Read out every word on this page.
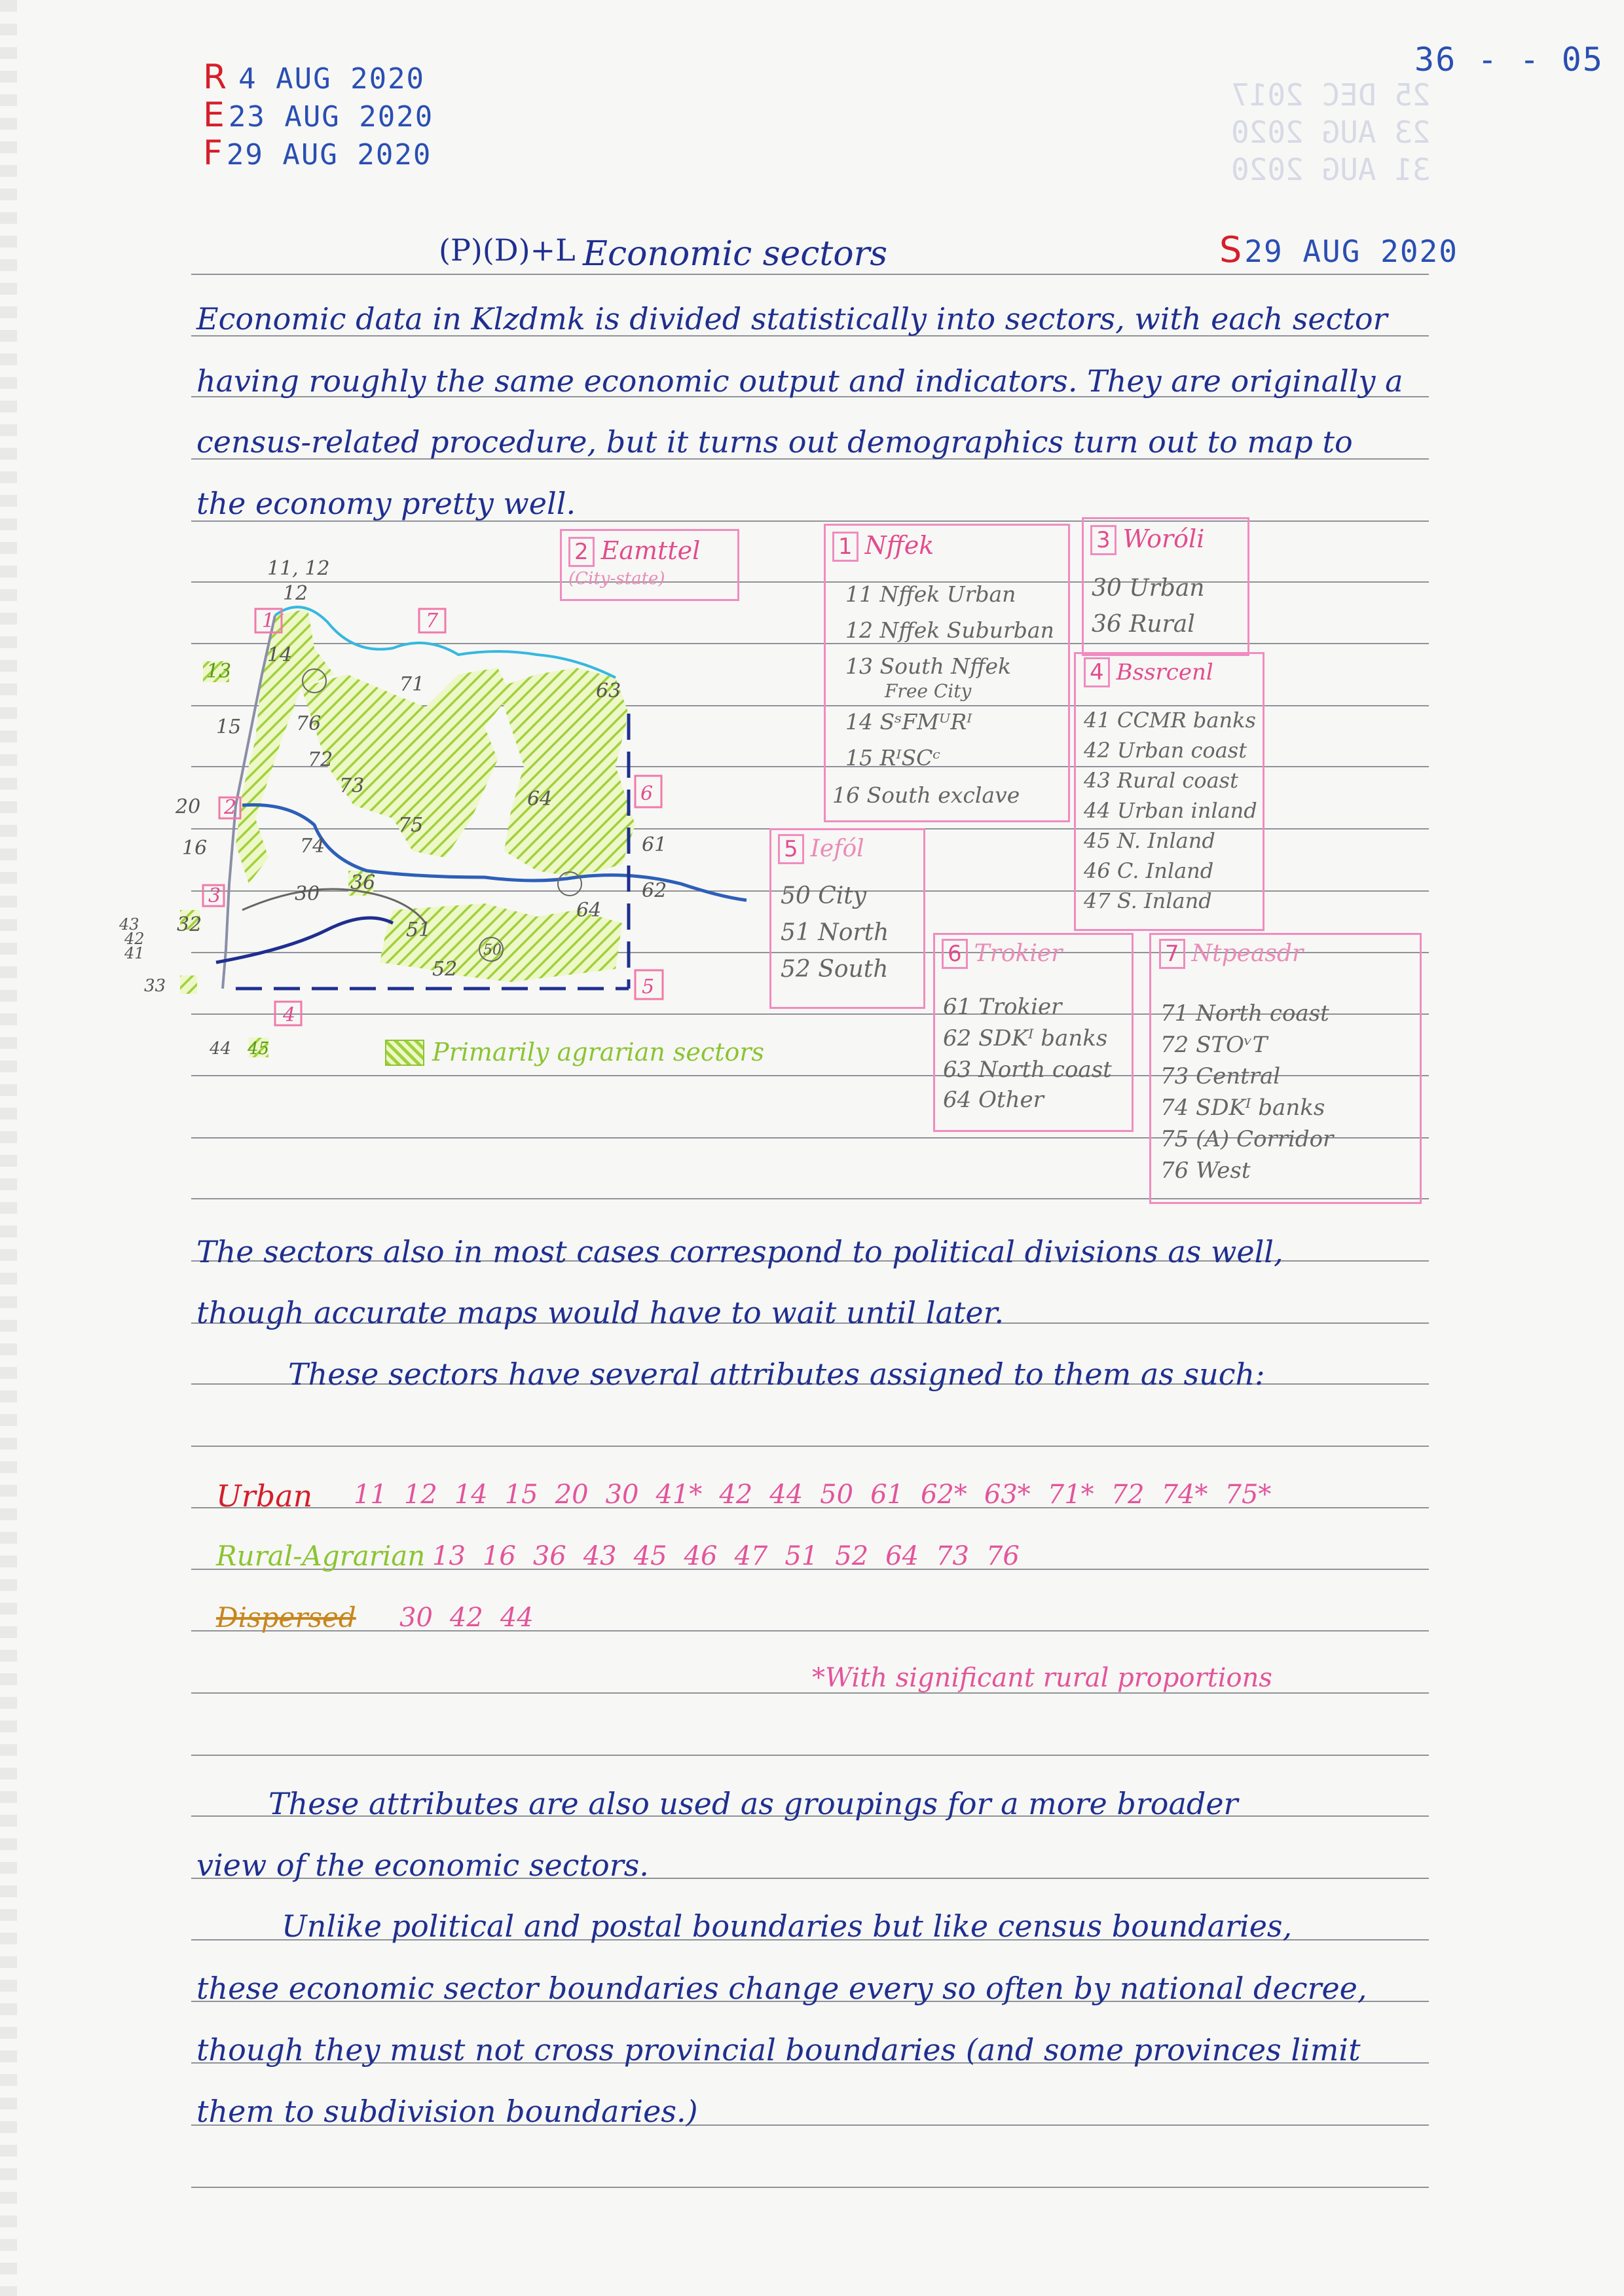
25 DEC 2017
23 AUG 2020
31 AUG 2020
36 - - 05
R 4 AUG 2020
E 23 AUG 2020
F 29 AUG 2020
(P)(D)+L Economic sectors	S29 AUG 2020
Economic data in Klzdmk is divided statistically into sectors, with each sector
having roughly the same economic output and indicators. They are originally a
census-related procedure, but it turns out demographics turn out to map to
the economy pretty well.
11, 12
12
1	7
13
14
15	76
71
72
73
63
64	6
20 2
16	74
75
61
62
3	30 36
43
42
41
32
33
51
50
52
64
5
4
44 45	Primarily agrarian sectors
2 Eamttel
(City-state)
1 Nffek
11 Nffek Urban
12 Nffek Suburban
13 South Nffek
Free City
14 SˢFMᵁRᴵ
15 RᴵSCᶜ
16 South exclave
3 Woróli
30 Urban
36 Rural
4 Bssrcenl
41 CCMR banks
42 Urban coast
43 Rural coast
44 Urban inland
45 N. Inland
46 C. Inland
47 S. Inland
5 Iefól
50 City
51 North
52 South
6 Trokier
61 Trokier
62 SDKᴵ banks
63 North coast
64 Other
7 Ntpeasdr
71 North coast
72 STOᵛT
73 Central
74 SDKᴵ banks
75 (A) Corridor
76 West
The sectors also in most cases correspond to political divisions as well,
though accurate maps would have to wait until later.
These sectors have several attributes assigned to them as such:
Urban 11 12 14 15 20 30 41* 42 44 50 61 62* 63* 71* 72 74* 75*
Rural-Agrarian 13 16 36 43 45 46 47 51 52 64 73 76
Dispersed 30 42 44
*With significant rural proportions
These attributes are also used as groupings for a more broader
view of the economic sectors.
Unlike political and postal boundaries but like census boundaries,
these economic sector boundaries change every so often by national decree,
though they must not cross provincial boundaries (and some provinces limit
them to subdivision boundaries.)
